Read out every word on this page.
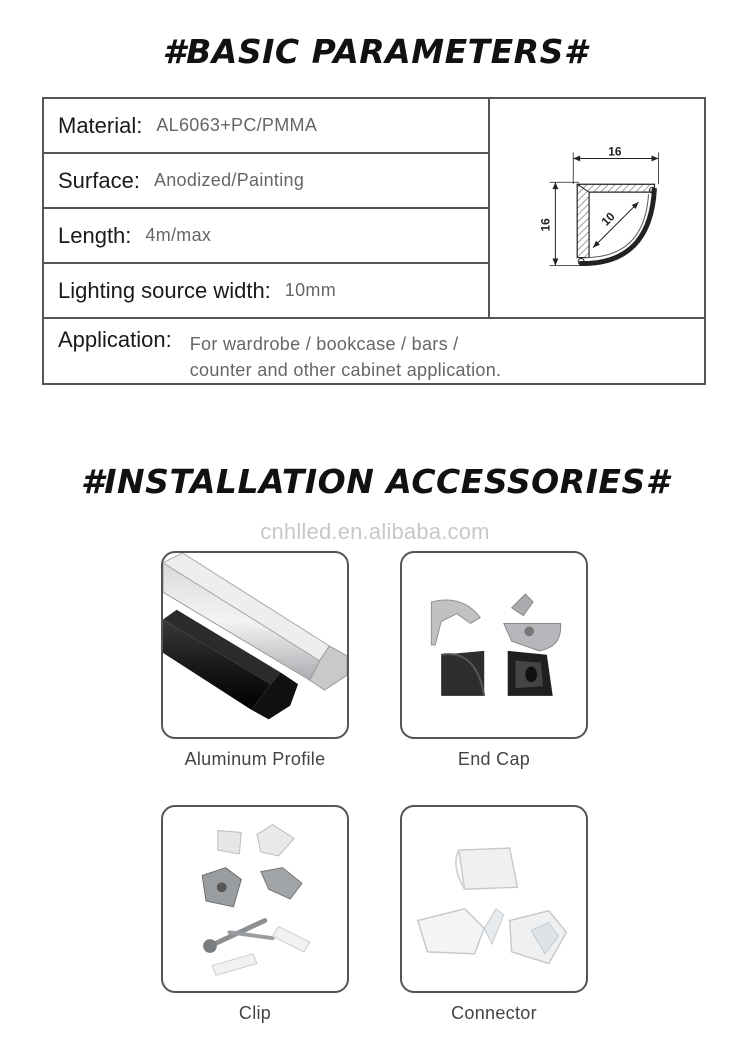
#BASIC PARAMETERS#
Material: AL6063+PC/PMMA
Surface: Anodized/Painting
Length: 4m/max
Lighting source width: 10mm
16
16	10
Application: For wardrobe / bookcase / bars /
counter and other cabinet application.
#INSTALLATION ACCESSORIES#
cnhlled.en.alibaba.com
Aluminum Profile	End Cap
Clip	Connector
